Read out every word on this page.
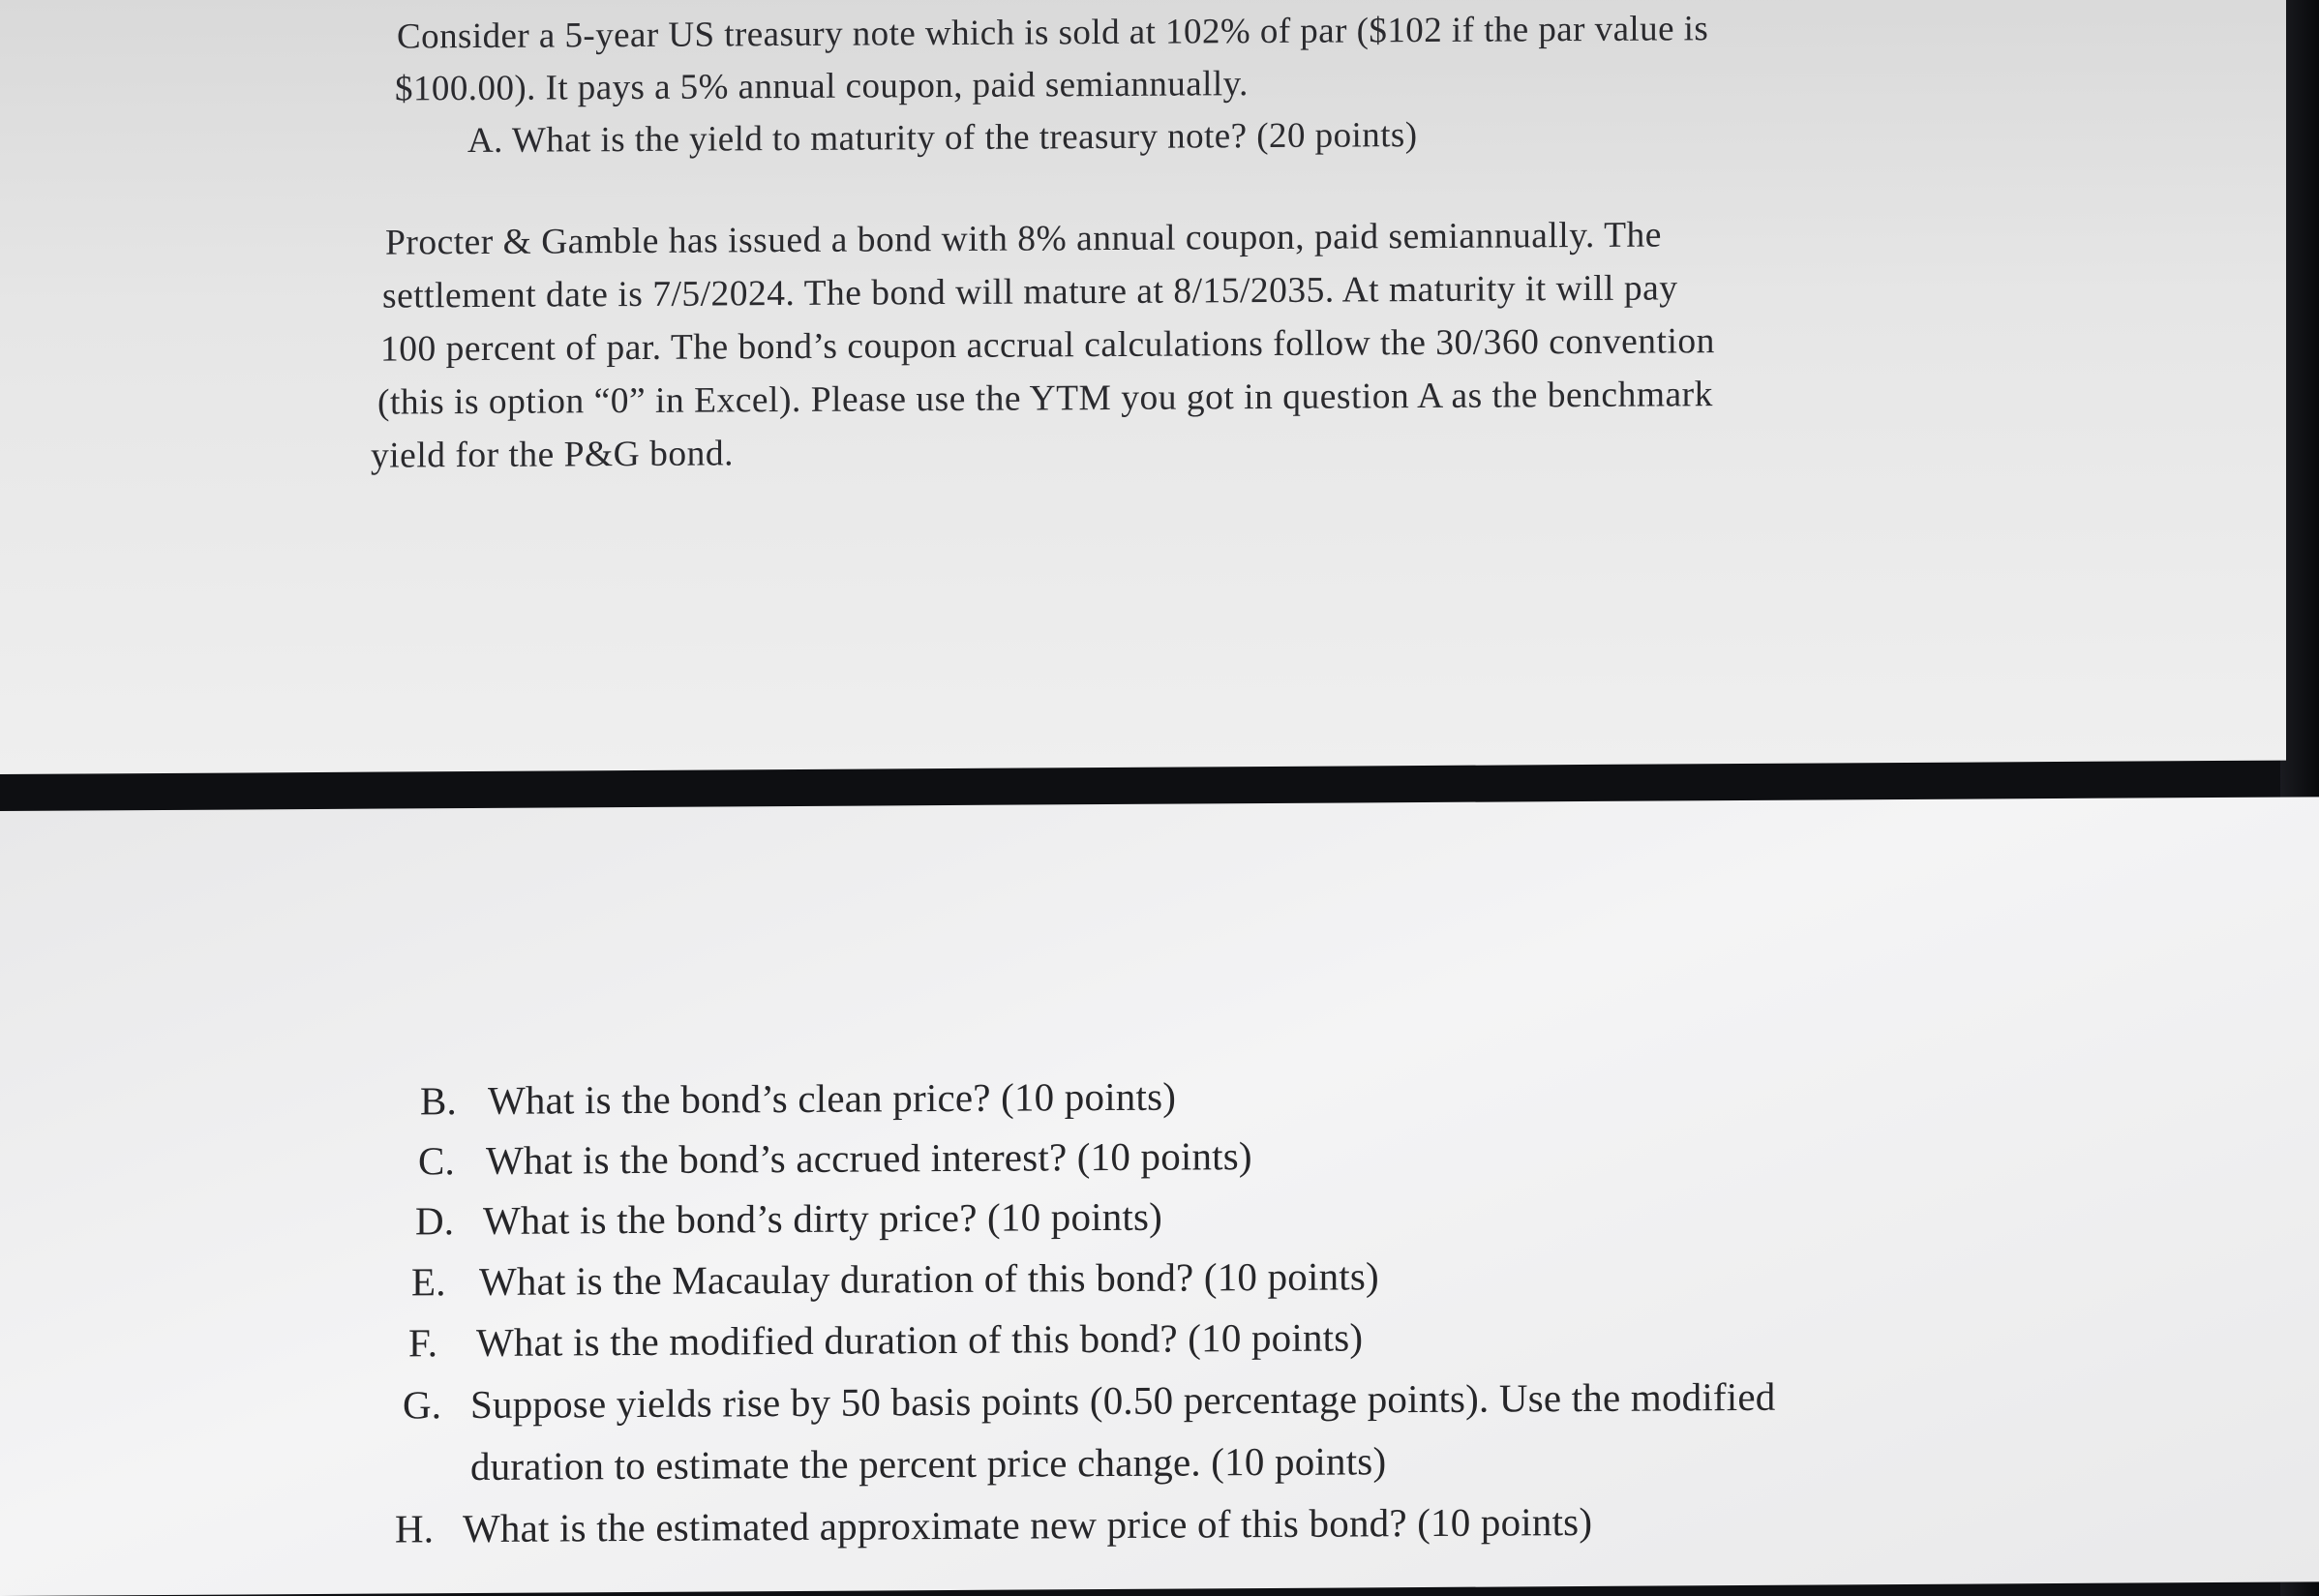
Consider a 5-year US treasury note which is sold at 102% of par ($102 if the par value is
$100.00). It pays a 5% annual coupon, paid semiannually.
A. What is the yield to maturity of the treasury note? (20 points)
Procter & Gamble has issued a bond with 8% annual coupon, paid semiannually. The
settlement date is 7/5/2024. The bond will mature at 8/15/2035. At maturity it will pay
100 percent of par. The bond’s coupon accrual calculations follow the 30/360 convention
(this is option “0” in Excel). Please use the YTM you got in question A as the benchmark
yield for the P&G bond.
B. What is the bond’s clean price? (10 points)
C. What is the bond’s accrued interest? (10 points)
D. What is the bond’s dirty price? (10 points)
E. What is the Macaulay duration of this bond? (10 points)
F. What is the modified duration of this bond? (10 points)
G. Suppose yields rise by 50 basis points (0.50 percentage points). Use the modified
duration to estimate the percent price change. (10 points)
H. What is the estimated approximate new price of this bond? (10 points)
